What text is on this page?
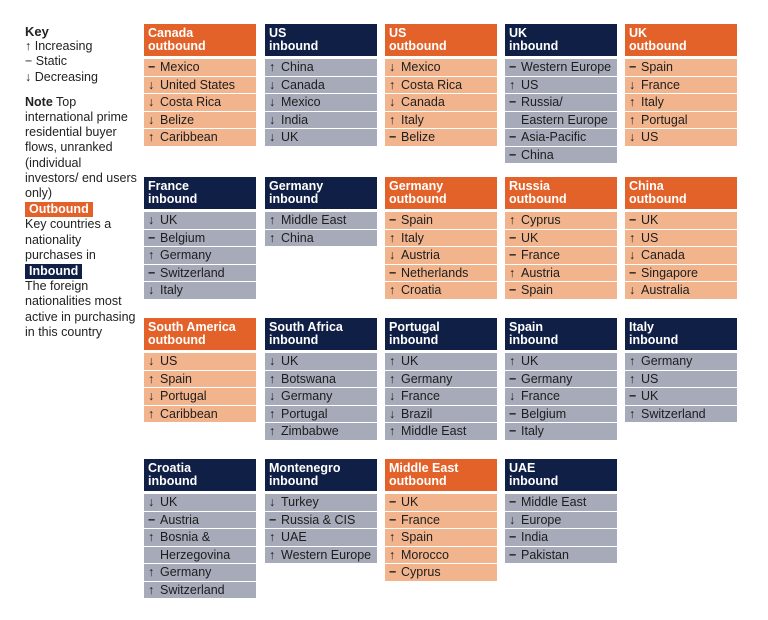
Key
↑ Increasing
− Static
↓ Decreasing
Note Top international prime residential buyer flows, unranked (individual investors/ end users only)
Outbound
Key countries a nationality purchases in
Inbound
The foreign nationalities most active in purchasing in this country
Canada
outbound
− Mexico
↓ United States
↓ Costa Rica
↓ Belize
↑ Caribbean
US
inbound
↑ China
↓ Canada
↓ Mexico
↓ India
↓ UK
US
outbound
↓ Mexico
↑ Costa Rica
↓ Canada
↑ Italy
− Belize
UK
inbound
− Western Europe
↑ US
− Russia/
Eastern Europe
− Asia-Pacific
− China
UK
outbound
− Spain
↓ France
↑ Italy
↑ Portugal
↓ US
France
inbound
↓ UK
− Belgium
↑ Germany
− Switzerland
↓ Italy
Germany
inbound
↑ Middle East
↑ China
Germany
outbound
− Spain
↑ Italy
↓ Austria
− Netherlands
↑ Croatia
Russia
outbound
↑ Cyprus
− UK
− France
↑ Austria
− Spain
China
outbound
− UK
↑ US
↓ Canada
− Singapore
↓ Australia
South America
outbound
↓ US
↑ Spain
↓ Portugal
↑ Caribbean
South Africa
inbound
↓ UK
↑ Botswana
↓ Germany
↑ Portugal
↑ Zimbabwe
Portugal
inbound
↑ UK
↑ Germany
↓ France
↓ Brazil
↑ Middle East
Spain
inbound
↑ UK
− Germany
↓ France
− Belgium
− Italy
Italy
inbound
↑ Germany
↑ US
− UK
↑ Switzerland
Croatia
inbound
↓ UK
− Austria
↑ Bosnia &
Herzegovina
↑ Germany
↑ Switzerland
Montenegro
inbound
↓ Turkey
− Russia & CIS
↑ UAE
↑ Western Europe
Middle East
outbound
− UK
− France
↑ Spain
↑ Morocco
− Cyprus
UAE
inbound
− Middle East
↓ Europe
− India
− Pakistan
